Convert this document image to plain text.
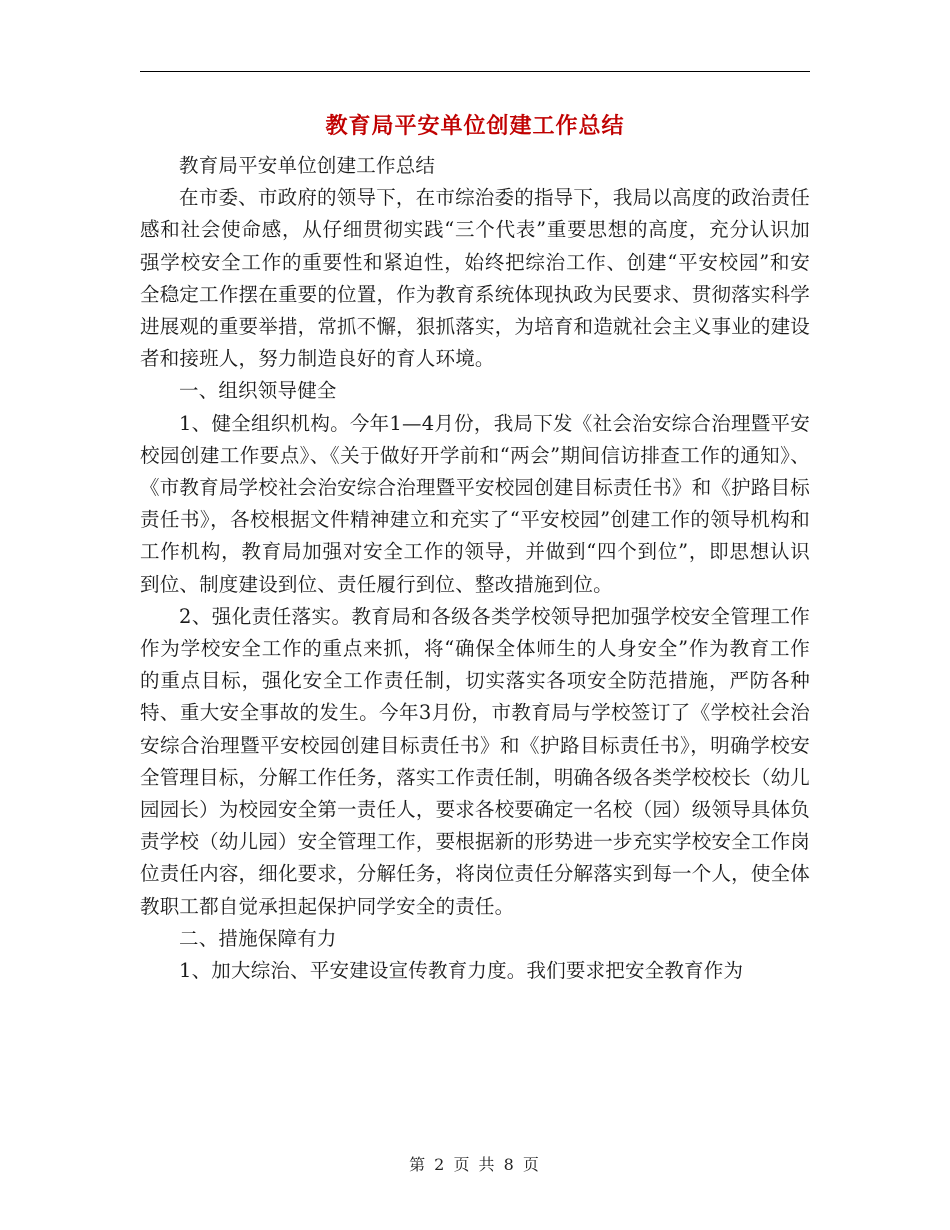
教育局平安单位创建工作总结

教育局平安单位创建工作总结

在市委、市政府的领导下，在市综治委的指导下，我局以高度的政治责任感和社会使命感，从仔细贯彻实践“三个代表”重要思想的高度，充分认识加强学校安全工作的重要性和紧迫性，始终把综治工作、创建“平安校园”和安全稳定工作摆在重要的位置，作为教育系统体现执政为民要求、贯彻落实科学进展观的重要举措，常抓不懈，狠抓落实，为培育和造就社会主义事业的建设者和接班人，努力制造良好的育人环境。

一、组织领导健全

1、健全组织机构。今年1—4月份，我局下发《社会治安综合治理暨平安校园创建工作要点》、《关于做好开学前和“两会”期间信访排查工作的通知》、《市教育局学校社会治安综合治理暨平安校园创建目标责任书》和《护路目标责任书》，各校根据文件精神建立和充实了“平安校园”创建工作的领导机构和工作机构，教育局加强对安全工作的领导，并做到“四个到位”，即思想认识到位、制度建设到位、责任履行到位、整改措施到位。

2、强化责任落实。教育局和各级各类学校领导把加强学校安全管理工作作为学校安全工作的重点来抓，将“确保全体师生的人身安全”作为教育工作的重点目标，强化安全工作责任制，切实落实各项安全防范措施，严防各种特、重大安全事故的发生。今年3月份，市教育局与学校签订了《学校社会治安综合治理暨平安校园创建目标责任书》和《护路目标责任书》，明确学校安全管理目标，分解工作任务，落实工作责任制，明确各级各类学校校长（幼儿园园长）为校园安全第一责任人，要求各校要确定一名校（园）级领导具体负责学校（幼儿园）安全管理工作，要根据新的形势进一步充实学校安全工作岗位责任内容，细化要求，分解任务，将岗位责任分解落实到每一个人，使全体教职工都自觉承担起保护同学安全的责任。

二、措施保障有力

1、加大综治、平安建设宣传教育力度。我们要求把安全教育作为

第 2 页 共 8 页
